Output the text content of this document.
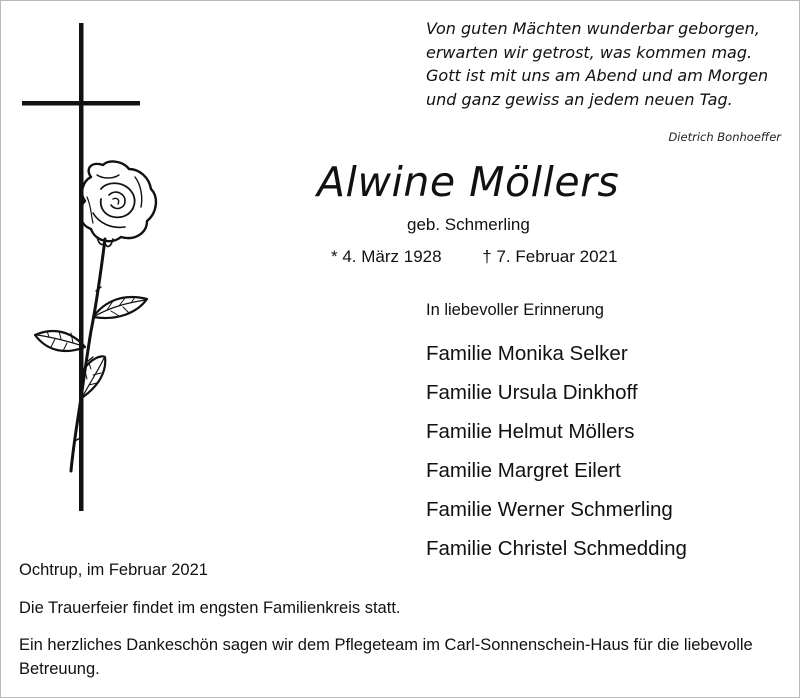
Von guten Mächten wunderbar geborgen,
erwarten wir getrost, was kommen mag.
Gott ist mit uns am Abend und am Morgen
und ganz gewiss an jedem neuen Tag.
Dietrich Bonhoeffer
Alwine Möllers
geb. Schmerling
* 4. März 1928 † 7. Februar 2021
In liebevoller Erinnerung
Familie Monika Selker
Familie Ursula Dinkhoff
Familie Helmut Möllers
Familie Margret Eilert
Familie Werner Schmerling
Familie Christel Schmedding
Ochtrup, im Februar 2021
Die Trauerfeier findet im engsten Familienkreis statt.
Ein herzliches Dankeschön sagen wir dem Pflegeteam im Carl-Sonnenschein-Haus für die liebevolle Betreuung.
